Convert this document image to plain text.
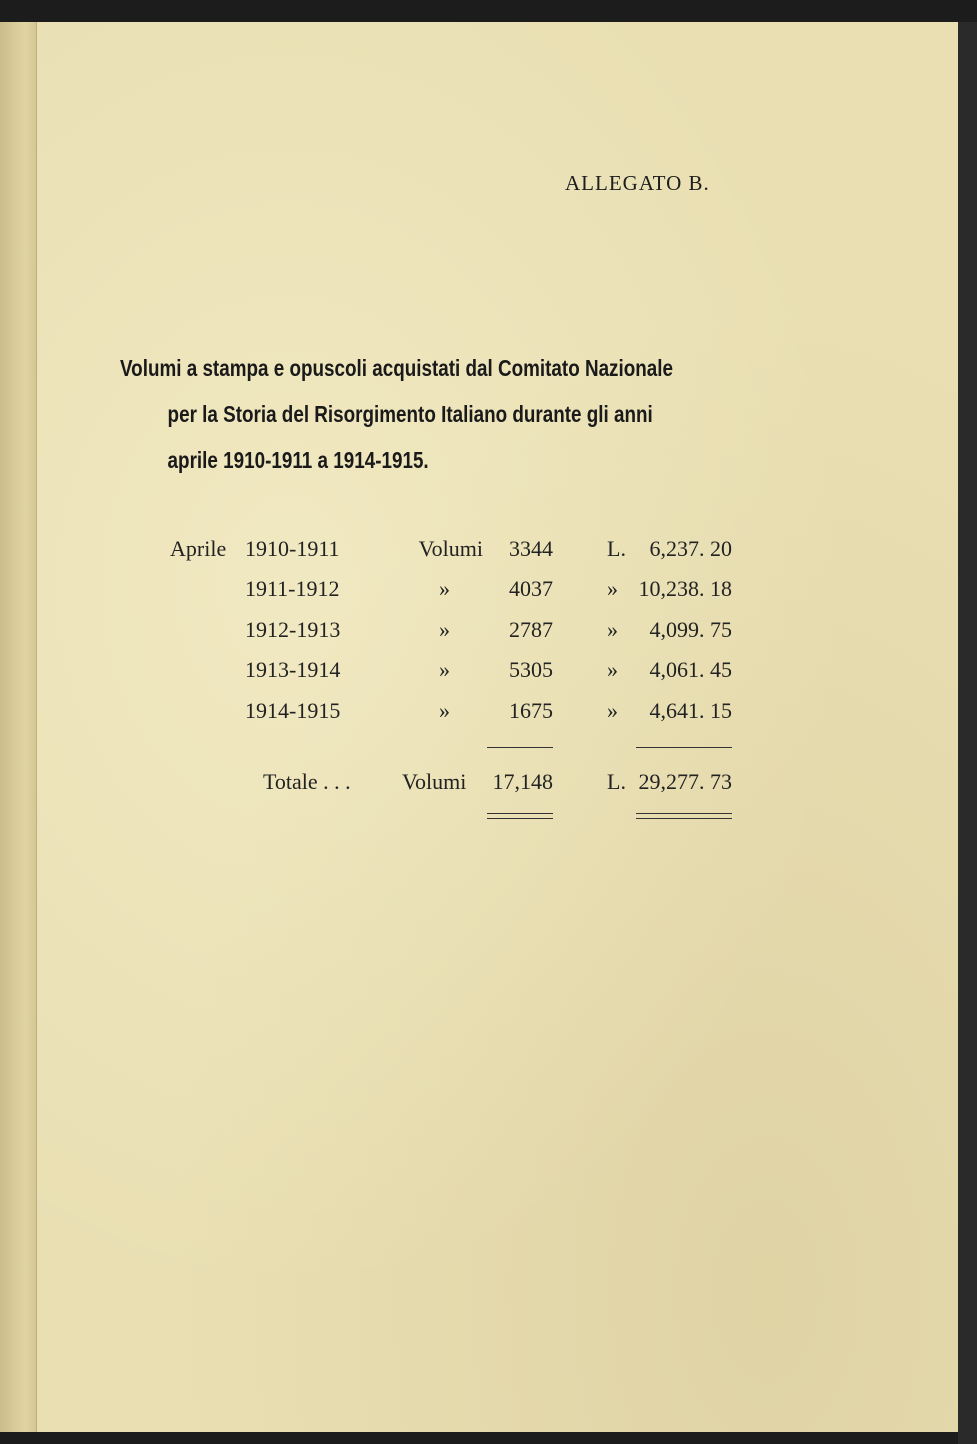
ALLEGATO B.
Volumi a stampa e opuscoli acquistati dal Comitato Nazionale
per la Storia del Risorgimento Italiano durante gli anni
aprile 1910-1911 a 1914-1915.
Aprile 1910-1911	Volumi	3344	L.	6,237. 20
1911-1912	»	4037	» 10,238. 18
1912-1913	»	2787	»	4,099. 75
1913-1914	»	5305	»	4,061. 45
1914-1915	»	1675	»	4,641. 15
Totale . . . Volumi	17,148	L. 29,277. 73
